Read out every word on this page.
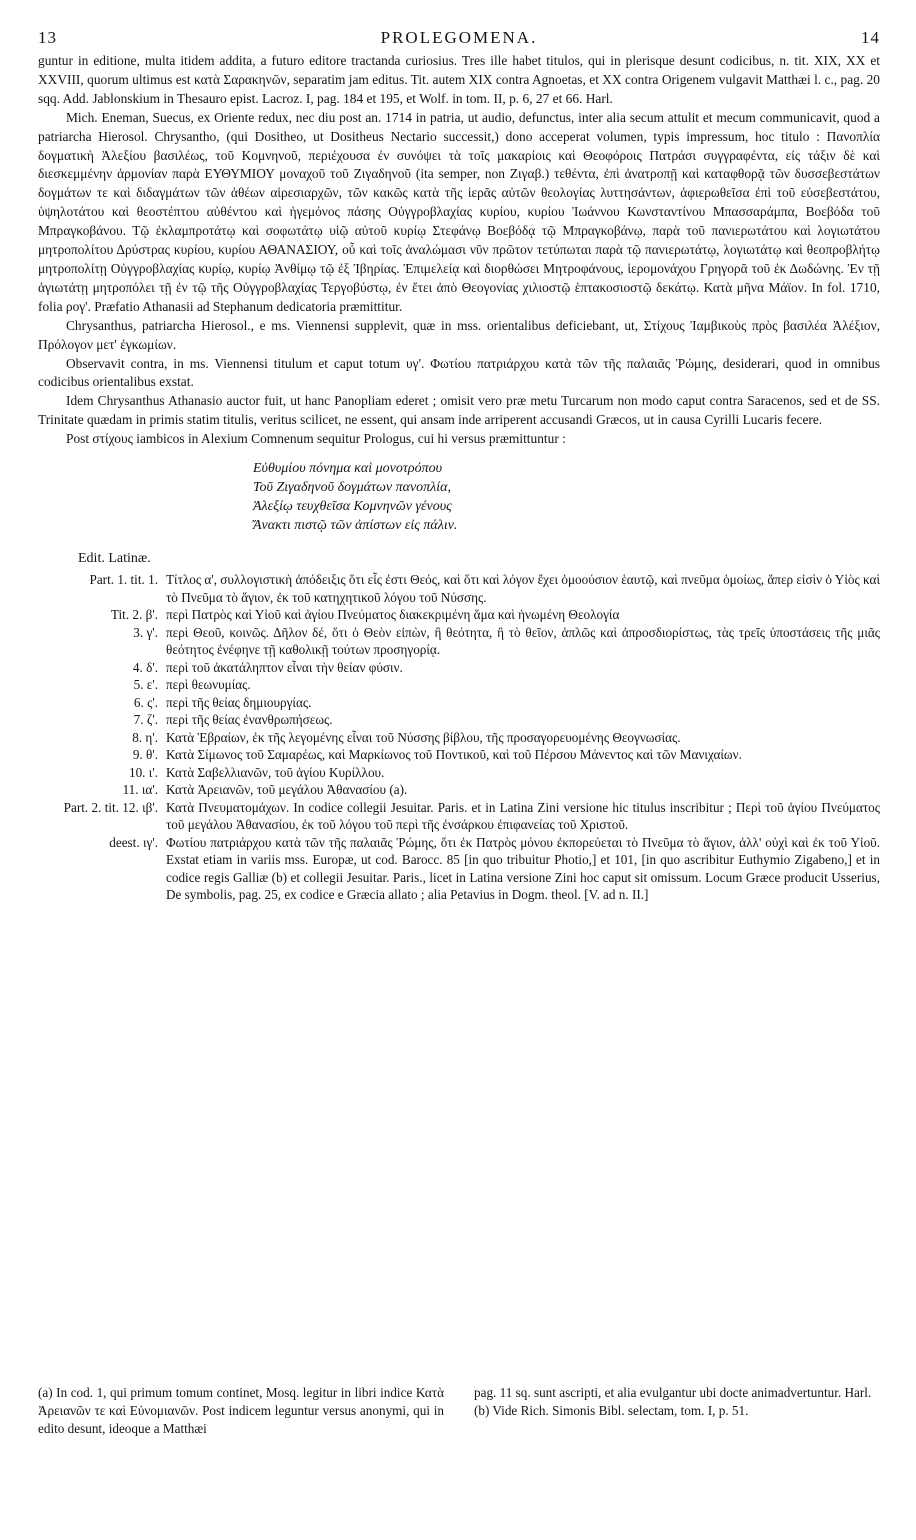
13	PROLEGOMENA.	14

guntur in editione, multa itidem addita, a futuro editore tractanda curiosius. Tres ille habet titulos, qui in plerisque desunt codicibus, n. tit. XIX, XX et XXVIII, quorum ultimus est κατὰ Σαρακηνῶν, separatim jam editus. Tit. autem XIX contra Agnoetas, et XX contra Origenem vulgavit Matthæi l. c., pag. 20 sqq. Add. Jablonskium in Thesauro epist. Lacroz. I, pag. 184 et 195, et Wolf. in tom. II, p. 6, 27 et 66. Harl.

Mich. Eneman, Suecus, ex Oriente redux, nec diu post an. 1714 in patria, ut audio, defunctus, inter alia secum attulit et mecum communicavit, quod a patriarcha Hierosol. Chrysantho, (qui Dositheo, ut Dositheus Nectario successit,) dono acceperat volumen, typis impressum, hoc titulo : Πανοπλία δογματικὴ Ἀλεξίου βασιλέως, τοῦ Κομνηνοῦ, περιέχουσα ἐν συνόψει τὰ τοῖς μακαρίοις καὶ Θεοφόροις Πατράσι συγγραφέντα, εἰς τάξιν δὲ καὶ διεσκεμμένην ἁρμονίαν παρὰ ΕΥΘΥΜΙΟΥ μοναχοῦ τοῦ Ζιγαδηνοῦ (ita semper, non Ζιγαβ.) τεθέντα, ἐπὶ ἀνατροπῇ καὶ καταφθορᾷ τῶν δυσσεβεστάτων δογμάτων τε καὶ διδαγμάτων τῶν ἀθέων αἱρεσιαρχῶν, τῶν κακῶς κατὰ τῆς ἱερᾶς αὐτῶν θεολογίας λυττησάντων, ἀφιερωθεῖσα ἐπὶ τοῦ εὐσεβεστάτου, ὑψηλοτάτου καὶ θεοστέπτου αὐθέντου καὶ ἡγεμόνος πάσης Οὐγγροβλαχίας κυρίου, κυρίου Ἰωάννου Κωνσταντίνου Μπασσαράμπα, Βοεβόδα τοῦ Μπραγκοβάνου. Τῷ ἐκλαμπροτάτῳ καὶ σοφωτάτῳ υἱῷ αὐτοῦ κυρίῳ Στεφάνῳ Βοεβόδᾳ τῷ Μπραγκοβάνῳ, παρὰ τοῦ πανιερωτάτου καὶ λογιωτάτου μητροπολίτου Δρύστρας κυρίου, κυρίου ΑΘΑΝΑΣΙΟΥ, οὗ καὶ τοῖς ἀναλώμασι νῦν πρῶτον τετύπωται παρὰ τῷ πανιερωτάτῳ, λογιωτάτῳ καὶ θεοπροβλήτῳ μητροπολίτῃ Οὐγγροβλαχίας κυρίῳ, κυρίῳ Ἀνθίμῳ τῷ ἐξ Ἰβηρίας. Ἐπιμελείᾳ καὶ διορθώσει Μητροφάνους, ἱερομονάχου Γρηγορᾶ τοῦ ἐκ Δωδώνης. Ἐν τῇ ἁγιωτάτῃ μητροπόλει τῇ ἐν τῷ τῆς Οὐγγροβλαχίας Τεργοβύστῳ, ἐν ἔτει ἀπὸ Θεογονίας χιλιοστῷ ἑπτακοσιοστῷ δεκάτῳ. Κατὰ μῆνα Μάϊον. In fol. 1710, folia ρογ'. Præfatio Athanasii ad Stephanum dedicatoria præmittitur.

Chrysanthus, patriarcha Hierosol., e ms. Viennensi supplevit, quæ in mss. orientalibus deficiebant, ut, Στίχους Ἰαμβικοὺς πρὸς βασιλέα Ἀλέξιον, Πρόλογον μετ' ἐγκωμίων.

Observavit contra, in ms. Viennensi titulum et caput totum υγ'. Φωτίου πατριάρχου κατὰ τῶν τῆς παλαιᾶς Ῥώμης, desiderari, quod in omnibus codicibus orientalibus exstat.

Idem Chrysanthus Athanasio auctor fuit, ut hanc Panopliam ederet ; omisit vero præ metu Turcarum non modo caput contra Saracenos, sed et de SS. Trinitate quædam in primis statim titulis, veritus scilicet, ne essent, qui ansam inde arriperent accusandi Græcos, ut in causa Cyrilli Lucaris fecere.

Post στίχους iambicos in Alexium Comnenum sequitur Prologus, cui hi versus præmittuntur :

Εὐθυμίου πόνημα καὶ μονοτρόπου
Τοῦ Ζιγαδηνοῦ δογμάτων πανοπλία,
Ἀλεξίῳ τευχθεῖσα Κομνηνῶν γένους
Ἄνακτι πιστῷ τῶν ἀπίστων εἰς πάλιν.
Edit. Latinæ.
Part. 1. tit. 1. Τίτλος α', συλλογιστικὴ ἀπόδειξις ὅτι εἷς ἐστι Θεός, καὶ ὅτι καὶ λόγον ἔχει ὁμοούσιον ἑαυτῷ, καὶ πνεῦμα ὁμοίως, ἅπερ εἰσὶν ὁ Υἱὸς καὶ τὸ Πνεῦμα τὸ ἅγιον, ἐκ τοῦ κατηχητικοῦ λόγου τοῦ Νύσσης.
Tit. 2. β'. περὶ Πατρὸς καὶ Υἱοῦ καὶ ἁγίου Πνεύματος διακεκριμένη ἅμα καὶ ἡνωμένη Θεολογία
3. γ'. περὶ Θεοῦ, κοινῶς. Δῆλον δέ, ὅτι ὁ Θεὸν εἰπὼν, ἢ θεότητα, ἢ τὸ θεῖον, ἁπλῶς καὶ ἀπροσδιορίστως, τὰς τρεῖς ὑποστάσεις τῆς μιᾶς θεότητος ἐνέφηνε τῇ καθολικῇ τούτων προσηγορίᾳ.
4. δ'. περὶ τοῦ ἀκατάληπτον εἶναι τὴν θείαν φύσιν.
5. ε'. περὶ θεωνυμίας.
6. ς'. περὶ τῆς θείας δημιουργίας.
7. ζ'. περὶ τῆς θείας ἐνανθρωπήσεως.
8. η'. Κατὰ Ἑβραίων, ἐκ τῆς λεγομένης εἶναι τοῦ Νύσσης βίβλου, τῆς προσαγορευομένης Θεογνωσίας.
9. θ'. Κατὰ Σίμωνος τοῦ Σαμαρέως, καὶ Μαρκίωνος τοῦ Ποντικοῦ, καὶ τοῦ Πέρσου Μάνεντος καὶ τῶν Μανιχαίων.
10. ι'. Κατὰ Σαβελλιανῶν, τοῦ ἁγίου Κυρίλλου.
11. ια'. Κατὰ Ἀρειανῶν, τοῦ μεγάλου Ἀθανασίου (a).
Part. 2. tit. 12. ιβ'. Κατὰ Πνευματομάχων. In codice collegii Jesuitar. Paris. et in Latina Zini versione hic titulus inscribitur ; Περὶ τοῦ ἁγίου Πνεύματος τοῦ μεγάλου Ἀθανασίου, ἐκ τοῦ λόγου τοῦ περὶ τῆς ἐνσάρκου ἐπιφανείας τοῦ Χριστοῦ.
deest. ιγ'. Φωτίου πατριάρχου κατὰ τῶν τῆς παλαιᾶς Ῥώμης, ὅτι ἐκ Πατρὸς μόνου ἐκπορεύεται τὸ Πνεῦμα τὸ ἅγιον, ἀλλ' οὐχὶ καὶ ἐκ τοῦ Υἱοῦ. Exstat etiam in variis mss. Europæ, ut cod. Barocc. 85 [in quo tribuitur Photio,] et 101, [in quo ascribitur Euthymio Zigabeno,] et in codice regis Galliæ (b) et collegii Jesuitar. Paris., licet in Latina versione Zini hoc caput sit omissum. Locum Græce producit Usserius, De symbolis, pag. 25, ex codice e Græcia allato ; alia Petavius in Dogm. theol. [V. ad n. II.]
(a) In cod. 1, qui primum tomum continet, Mosq. legitur in libri indice Κατὰ Ἀρειανῶν τε καὶ Εὐνομιανῶν. Post indicem leguntur versus anonymi, qui in edito desunt, ideoque a Matthæi
pag. 11 sq. sunt ascripti, et alia evulgantur ubi docte animadvertuntur. Harl.
(b) Vide Rich. Simonis Bibl. selectam, tom. I, p. 51.
